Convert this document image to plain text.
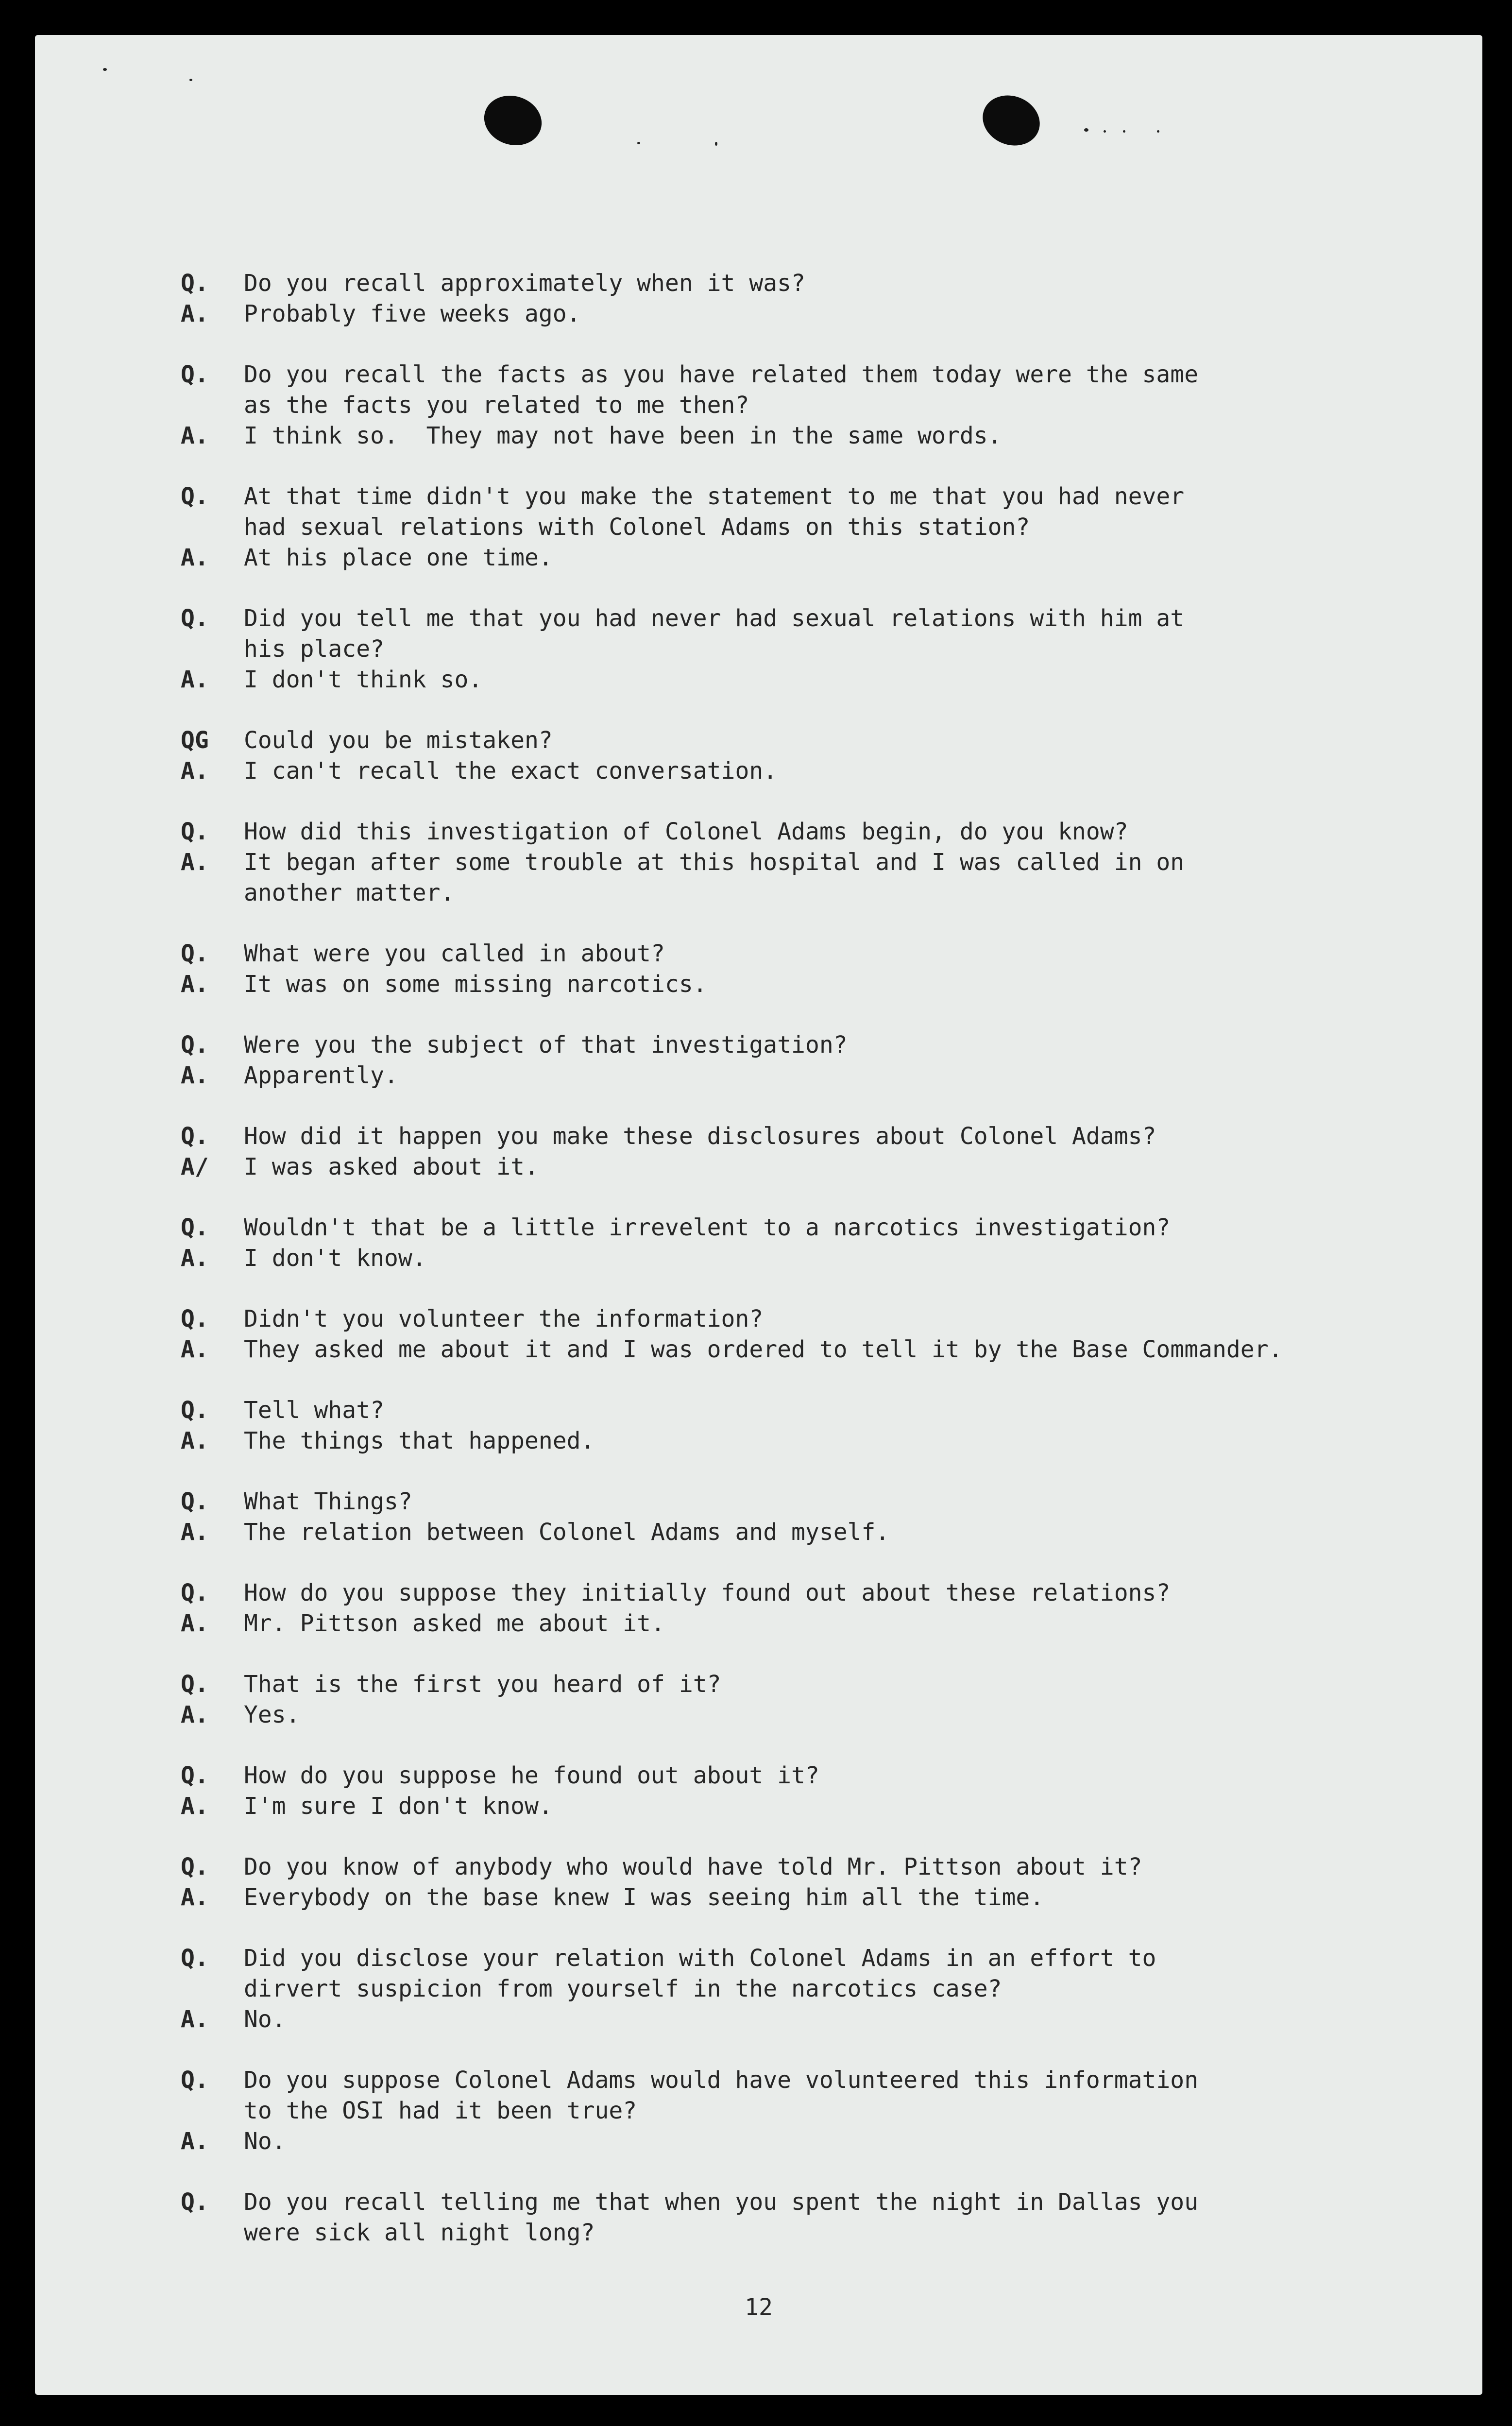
Q.	Do you recall approximately when it was?
A.	Probably five weeks ago.
Q.	Do you recall the facts as you have related them today were the same
as the facts you related to me then?
A.	I think so.  They may not have been in the same words.
Q.	At that time didn't you make the statement to me that you had never
had sexual relations with Colonel Adams on this station?
A.	At his place one time.
Q.	Did you tell me that you had never had sexual relations with him at
his place?
A.	I don't think so.
QG	Could you be mistaken?
A.	I can't recall the exact conversation.
Q.	How did this investigation of Colonel Adams begin, do you know?
A.	It began after some trouble at this hospital and I was called in on
another matter.
Q.	What were you called in about?
A.	It was on some missing narcotics.
Q.	Were you the subject of that investigation?
A.	Apparently.
Q.	How did it happen you make these disclosures about Colonel Adams?
A/	I was asked about it.
Q.	Wouldn't that be a little irrevelent to a narcotics investigation?
A.	I don't know.
Q.	Didn't you volunteer the information?
A.	They asked me about it and I was ordered to tell it by the Base Commander.
Q.	Tell what?
A.	The things that happened.
Q.	What Things?
A.	The relation between Colonel Adams and myself.
Q.	How do you suppose they initially found out about these relations?
A.	Mr. Pittson asked me about it.
Q.	That is the first you heard of it?
A.	Yes.
Q.	How do you suppose he found out about it?
A.	I'm sure I don't know.
Q.	Do you know of anybody who would have told Mr. Pittson about it?
A.	Everybody on the base knew I was seeing him all the time.
Q.	Did you disclose your relation with Colonel Adams in an effort to
dirvert suspicion from yourself in the narcotics case?
A.	No.
Q.	Do you suppose Colonel Adams would have volunteered this information
to the OSI had it been true?
A.	No.
Q.	Do you recall telling me that when you spent the night in Dallas you
were sick all night long?
12
